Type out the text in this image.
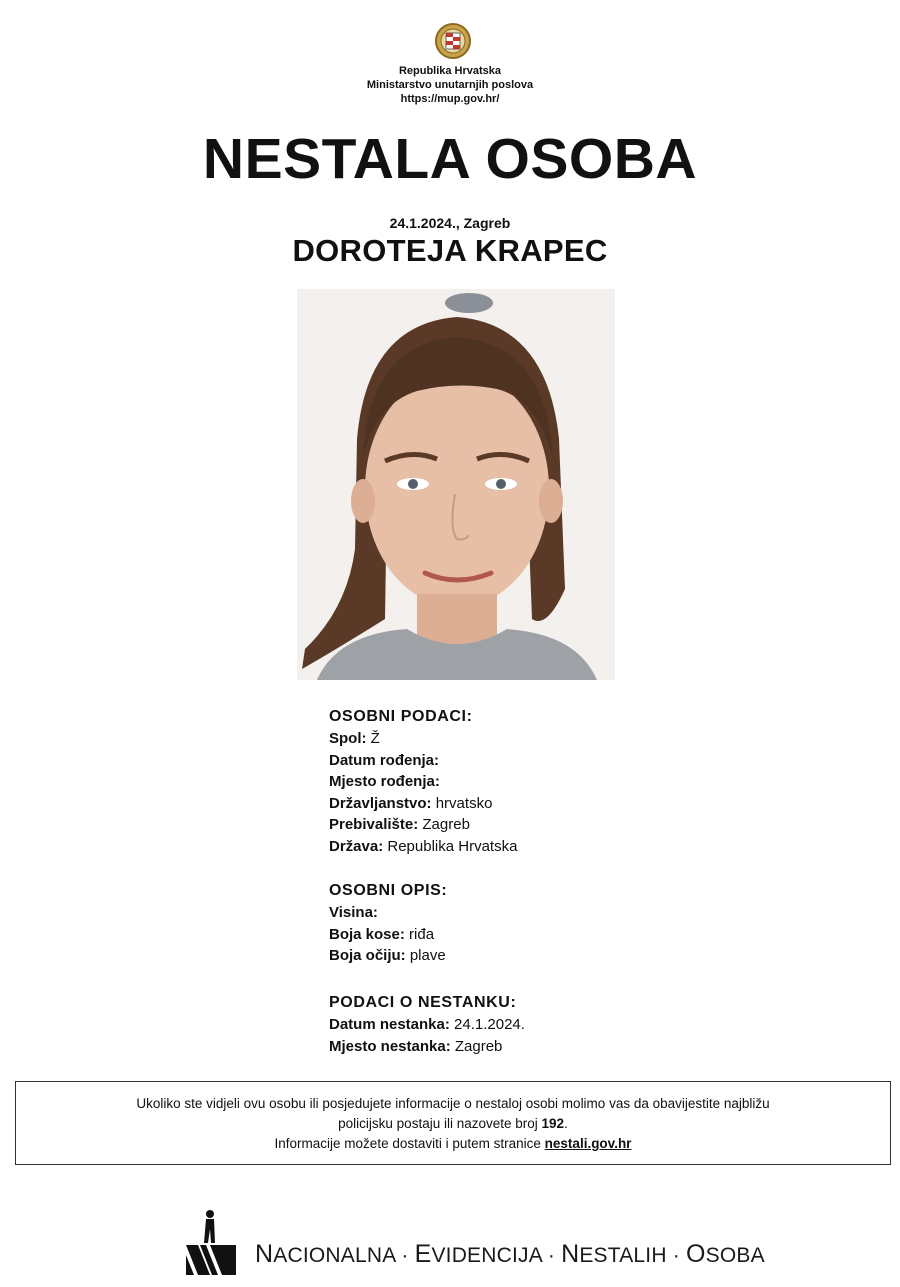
Republika Hrvatska
Ministarstvo unutarnjih poslova
https://mup.gov.hr/
NESTALA OSOBA
24.1.2024., Zagreb
DOROTEJA KRAPEC
OSOBNI PODACI:
Spol: Ž
Datum rođenja:
Mjesto rođenja:
Državljanstvo: hrvatsko
Prebivalište: Zagreb
Država: Republika Hrvatska
OSOBNI OPIS:
Visina:
Boja kose: riđa
Boja očiju: plave
PODACI O NESTANKU:
Datum nestanka: 24.1.2024.
Mjesto nestanka: Zagreb
Ukoliko ste vidjeli ovu osobu ili posjedujete informacije o nestaloj osobi molimo vas da obavijestite najbližu
policijsku postaju ili nazovete broj 192.
Informacije možete dostaviti i putem stranice nestali.gov.hr
NACIONALNA · EVIDENCIJA · NESTALIH · OSOBA
